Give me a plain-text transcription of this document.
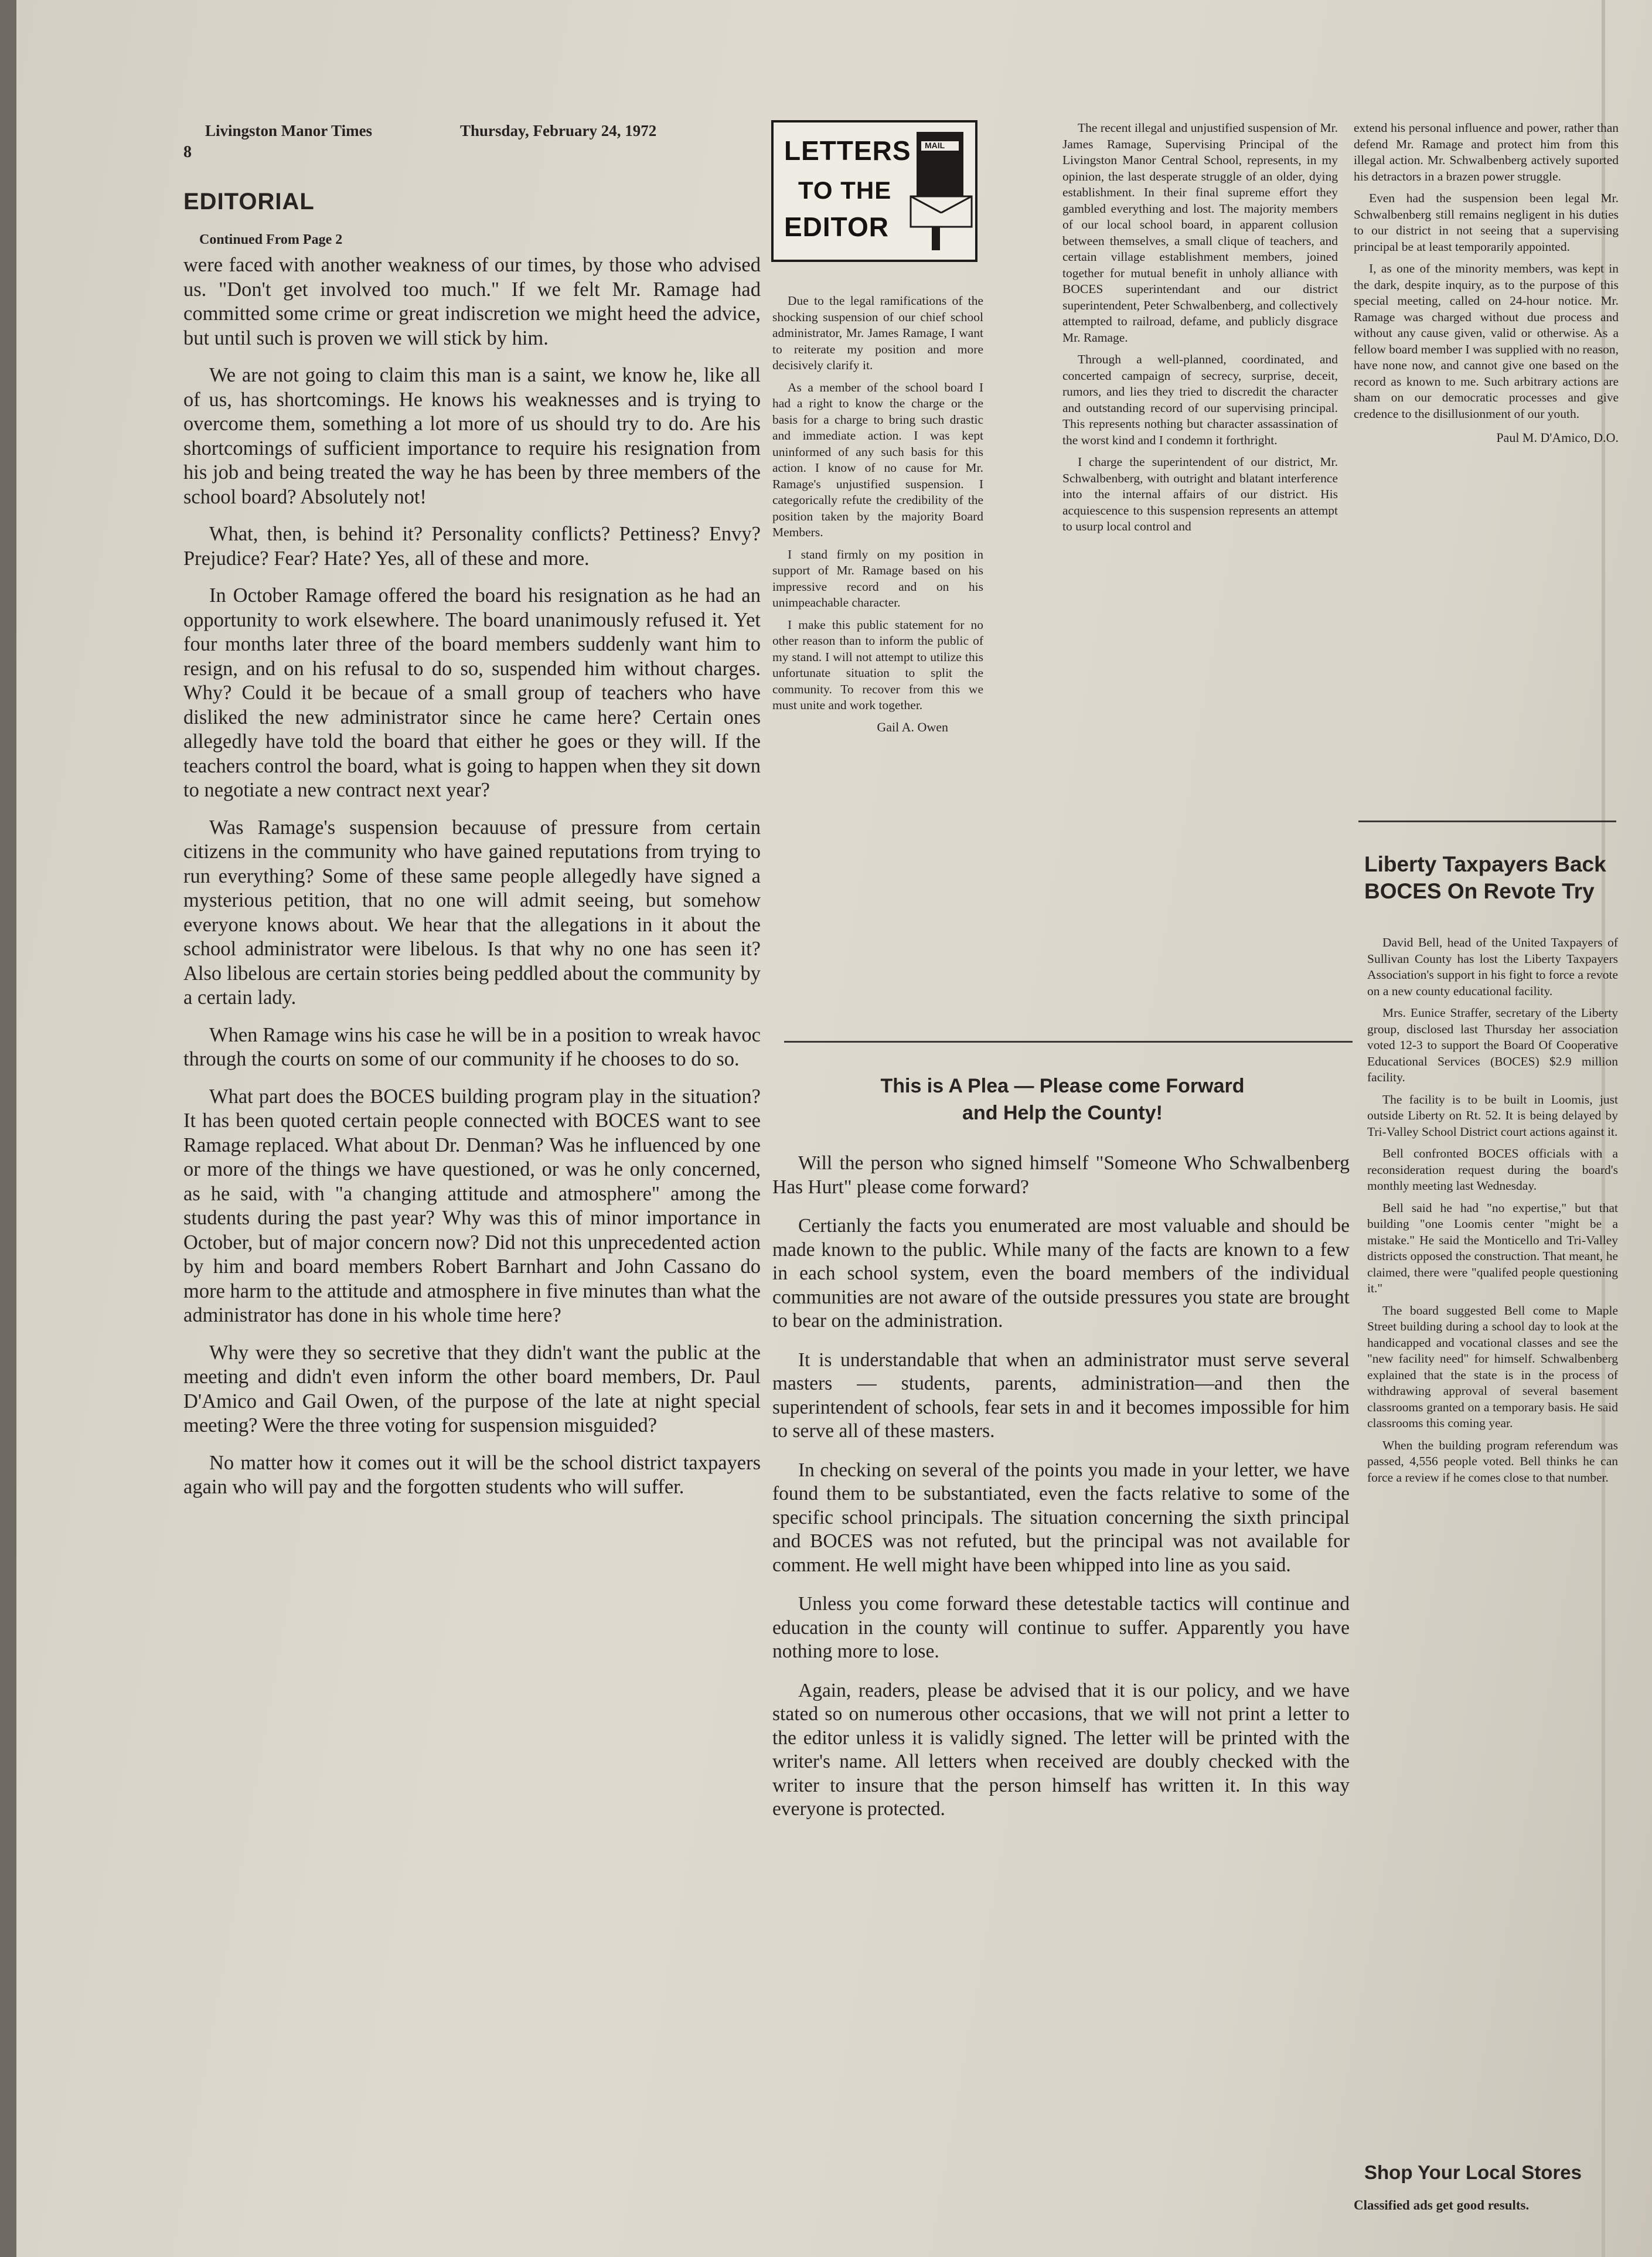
Livingston Manor Times	Thursday, February 24, 1972
8
EDITORIAL
Continued From Page 2

were faced with another weakness of our times, by those who advised us. "Don't get involved too much." If we felt Mr. Ramage had committed some crime or great indiscretion we might heed the advice, but until such is proven we will stick by him.

We are not going to claim this man is a saint, we know he, like all of us, has shortcomings. He knows his weaknesses and is trying to overcome them, something a lot more of us should try to do. Are his shortcomings of sufficient importance to require his resignation from his job and being treated the way he has been by three members of the school board? Absolutely not!

What, then, is behind it? Personality conflicts? Pettiness? Envy? Prejudice? Fear? Hate? Yes, all of these and more.

In October Ramage offered the board his resignation as he had an opportunity to work elsewhere. The board unanimously refused it. Yet four months later three of the board members suddenly want him to resign, and on his refusal to do so, suspended him without charges. Why? Could it be becaue of a small group of teachers who have disliked the new administrator since he came here? Certain ones allegedly have told the board that either he goes or they will. If the teachers control the board, what is going to happen when they sit down to negotiate a new contract next year?

Was Ramage's suspension becauuse of pressure from certain citizens in the community who have gained reputations from trying to run everything? Some of these same people allegedly have signed a mysterious petition, that no one will admit seeing, but somehow everyone knows about. We hear that the allegations in it about the school administrator were libelous. Is that why no one has seen it? Also libelous are certain stories being peddled about the community by a certain lady.

When Ramage wins his case he will be in a position to wreak havoc through the courts on some of our community if he chooses to do so.

What part does the BOCES building program play in the situation? It has been quoted certain people connected with BOCES want to see Ramage replaced. What about Dr. Denman? Was he influenced by one or more of the things we have questioned, or was he only concerned, as he said, with "a changing attitude and atmosphere" among the students during the past year? Why was this of minor importance in October, but of major concern now? Did not this unprecedented action by him and board members Robert Barnhart and John Cassano do more harm to the attitude and atmosphere in five minutes than what the administrator has done in his whole time here?

Why were they so secretive that they didn't want the public at the meeting and didn't even inform the other board members, Dr. Paul D'Amico and Gail Owen, of the purpose of the late at night special meeting? Were the three voting for suspension misguided?

No matter how it comes out it will be the school district taxpayers again who will pay and the forgotten students who will suffer.

LETTERS
TO THE
EDITOR
MAIL

Due to the legal ramifications of the shocking suspension of our chief school administrator, Mr. James Ramage, I want to reiterate my position and more decisively clarify it.

As a member of the school board I had a right to know the charge or the basis for a charge to bring such drastic and immediate action. I was kept uninformed of any such basis for this action. I know of no cause for Mr. Ramage's unjustified suspension. I categorically refute the credibility of the position taken by the majority Board Members.

I stand firmly on my position in support of Mr. Ramage based on his impressive record and on his unimpeachable character.

I make this public statement for no other reason than to inform the public of my stand. I will not attempt to utilize this unfortunate situation to split the community. To recover from this we must unite and work together.

Gail A. Owen

The recent illegal and unjustified suspension of Mr. James Ramage, Supervising Principal of the Livingston Manor Central School, represents, in my opinion, the last desperate struggle of an older, dying establishment. In their final supreme effort they gambled everything and lost. The majority members of our local school board, in apparent collusion between themselves, a small clique of teachers, and certain village establishment members, joined together for mutual benefit in unholy alliance with BOCES superintendant and our district superintendent, Peter Schwalbenberg, and collectively attempted to railroad, defame, and publicly disgrace Mr. Ramage.

Through a well-planned, coordinated, and concerted campaign of secrecy, surprise, deceit, rumors, and lies they tried to discredit the character and outstanding record of our supervising principal. This represents nothing but character assassination of the worst kind and I condemn it forthright.

I charge the superintendent of our district, Mr. Schwalbenberg, with outright and blatant interference into the internal affairs of our district. His acquiescence to this suspension represents an attempt to usurp local control and

extend his personal influence and power, rather than defend Mr. Ramage and protect him from this illegal action. Mr. Schwalbenberg actively suported his detractors in a brazen power struggle.

Even had the suspension been legal Mr. Schwalbenberg still remains negligent in his duties to our district in not seeing that a supervising principal be at least temporarily appointed.

I, as one of the minority members, was kept in the dark, despite inquiry, as to the purpose of this special meeting, called on 24-hour notice. Mr. Ramage was charged without due process and without any cause given, valid or otherwise. As a fellow board member I was supplied with no reason, have none now, and cannot give one based on the record as known to me. Such arbitrary actions are sham on our democratic processes and give credence to the disillusionment of our youth.

Paul M. D'Amico, D.O.
This is A Plea — Please come Forward
and Help the County!

Will the person who signed himself "Someone Who Schwalbenberg Has Hurt" please come forward?

Certianly the facts you enumerated are most valuable and should be made known to the public. While many of the facts are known to a few in each school system, even the board members of the individual communities are not aware of the outside pressures you state are brought to bear on the administration.

It is understandable that when an administrator must serve several masters — students, parents, administration—and then the superintendent of schools, fear sets in and it becomes impossible for him to serve all of these masters.

In checking on several of the points you made in your letter, we have found them to be substantiated, even the facts relative to some of the specific school principals. The situation concerning the sixth principal and BOCES was not refuted, but the principal was not available for comment. He well might have been whipped into line as you said.

Unless you come forward these detestable tactics will continue and education in the county will continue to suffer. Apparently you have nothing more to lose.

Again, readers, please be advised that it is our policy, and we have stated so on numerous other occasions, that we will not print a letter to the editor unless it is validly signed. The letter will be printed with the writer's name. All letters when received are doubly checked with the writer to insure that the person himself has written it. In this way everyone is protected.

Liberty Taxpayers Back
BOCES On Revote Try

David Bell, head of the United Taxpayers of Sullivan County has lost the Liberty Taxpayers Association's support in his fight to force a revote on a new county educational facility.

Mrs. Eunice Straffer, secretary of the Liberty group, disclosed last Thursday her association voted 12-3 to support the Board Of Cooperative Educational Services (BOCES) $2.9 million facility.

The facility is to be built in Loomis, just outside Liberty on Rt. 52. It is being delayed by Tri-Valley School District court actions against it.

Bell confronted BOCES officials with a reconsideration request during the board's monthly meeting last Wednesday.

Bell said he had "no expertise," but that building "one Loomis center "might be a mistake." He said the Monticello and Tri-Valley districts opposed the construction. That meant, he claimed, there were "qualifed people questioning it."

The board suggested Bell come to Maple Street building during a school day to look at the handicapped and vocational classes and see the "new facility need" for himself. Schwalbenberg explained that the state is in the process of withdrawing approval of several basement classrooms granted on a temporary basis. He said classrooms this coming year.

When the building program referendum was passed, 4,556 people voted. Bell thinks he can force a review if he comes close to that number.

Shop Your Local Stores
Classified ads get good results.
